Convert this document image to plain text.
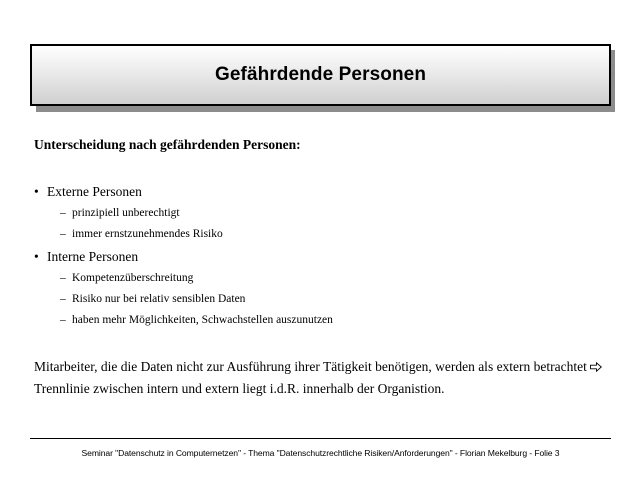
Gefährdende Personen
Unterscheidung nach gefährdenden Personen:
• Externe Personen
– prinzipiell unberechtigt
– immer ernstzunehmendes Risiko
• Interne Personen
– Kompetenzüberschreitung
– Risiko nur bei relativ sensiblen Daten
– haben mehr Möglichkeiten, Schwachstellen auszunutzen
Mitarbeiter, die die Daten nicht zur Ausführung ihrer Tätigkeit benötigen, werden als extern betrachtetTrennlinie zwischen intern und extern liegt i.d.R. innerhalb der Organistion.
Seminar "Datenschutz in Computernetzen" - Thema "Datenschutzrechtliche Risiken/Anforderungen" - Florian Mekelburg - Folie 3
